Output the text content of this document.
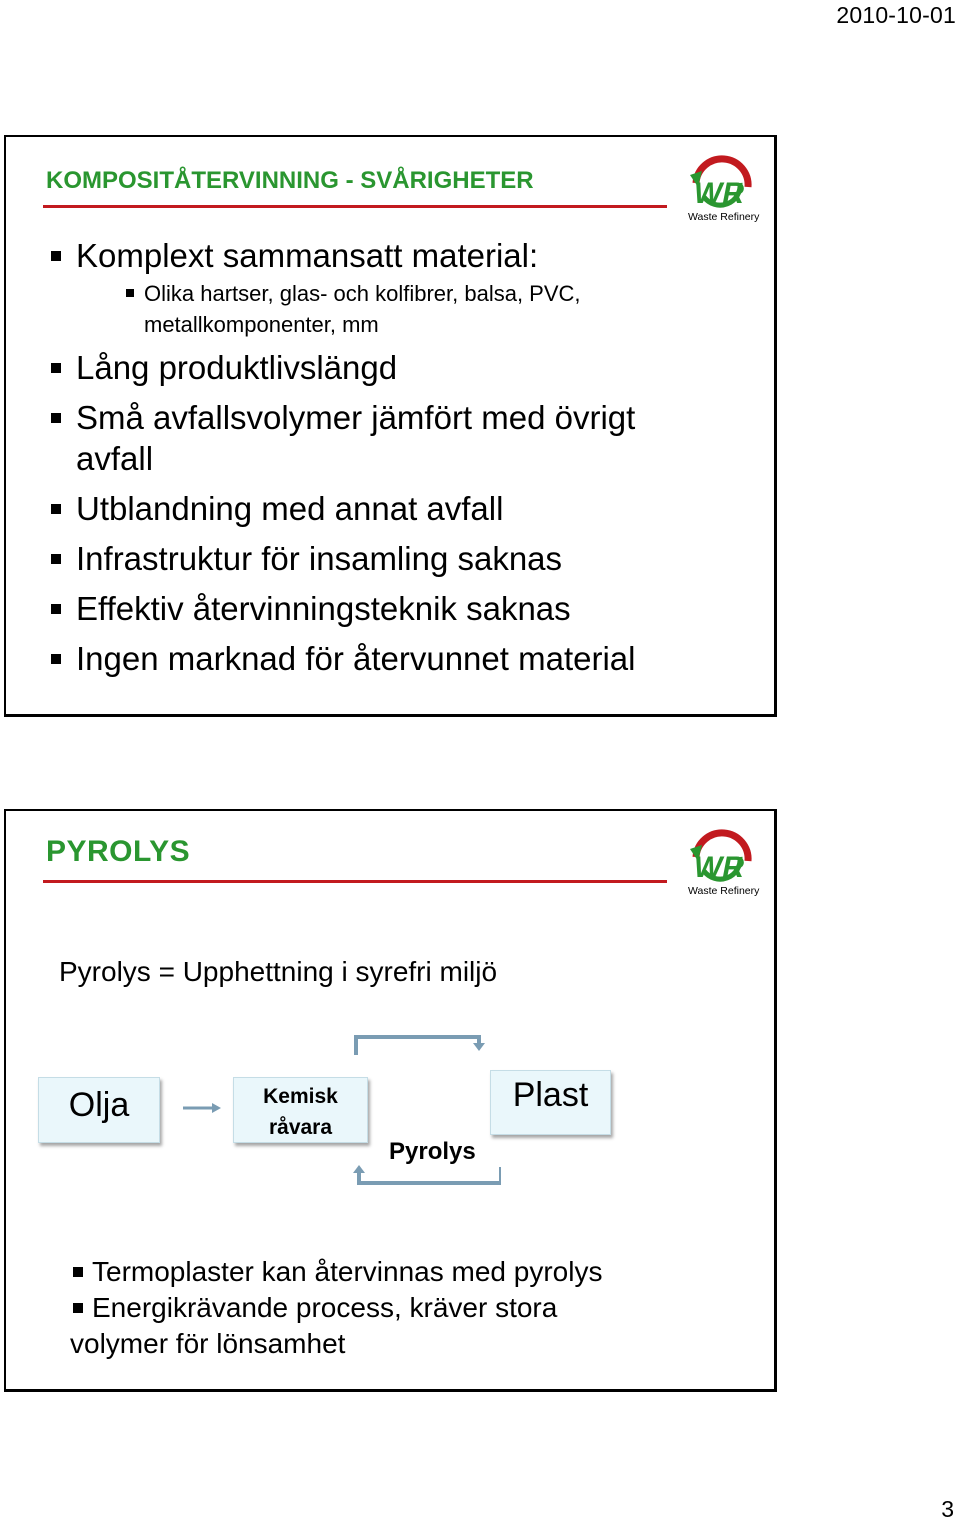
2010-10-01
KOMPOSITÅTERVINNING - SVÅRIGHETER	WR
Waste Refinery
Komplext sammansatt material:
Olika hartser, glas- och kolfibrer, balsa, PVC, metallkomponenter, mm
Lång produktlivslängd
Små avfallsvolymer jämfört med övrigt avfall
Utblandning med annat avfall
Infrastruktur för insamling saknas
Effektiv återvinningsteknik saknas
Ingen marknad för återvunnet material
PYROLYS	WR
Waste Refinery
Pyrolys = Upphettning i syrefri miljö
Olja	Kemisk
råvara
Plast
Pyrolys
Termoplaster kan återvinnas med pyrolys
Energikrävande process, kräver stora
volymer för lönsamhet
3
